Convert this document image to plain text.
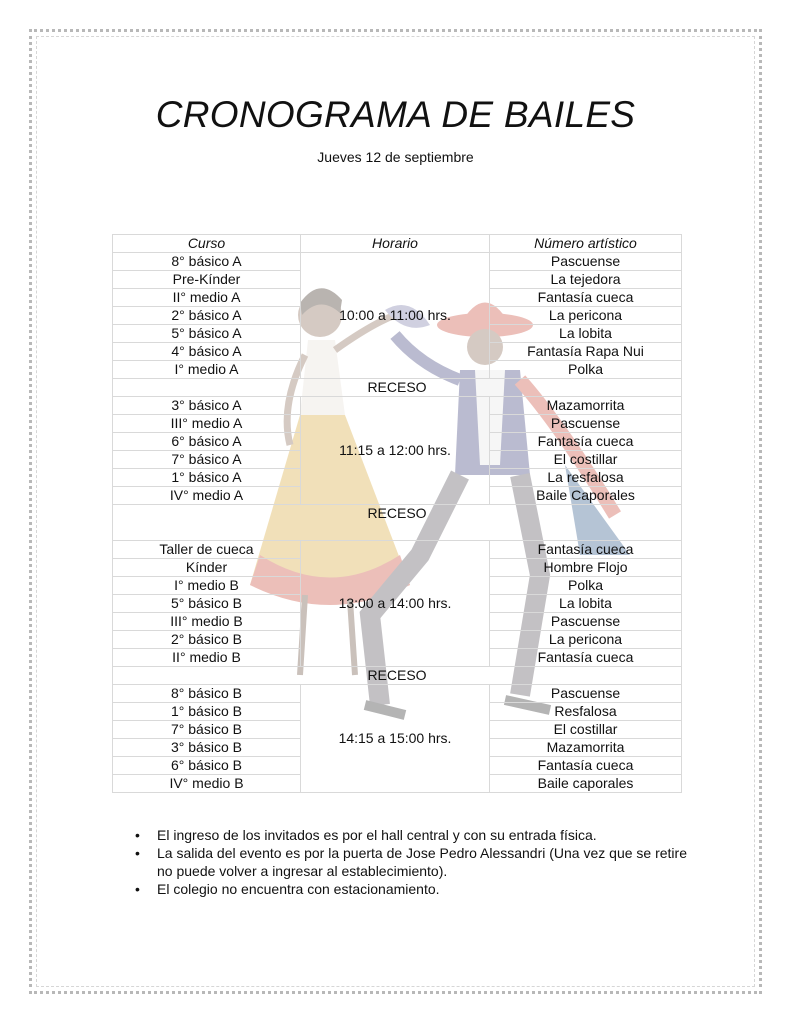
CRONOGRAMA DE BAILES
Jueves 12 de septiembre
Curso	Horario	Número artístico
8° básico A	10:00 a 11:00 hrs.	Pascuense
Pre-Kínder		La tejedora
II° medio A		Fantasía cueca
2° básico A		La pericona
5° básico A		La lobita
4° básico A		Fantasía Rapa Nui
I° medio A		Polka
RECESO		
3° básico A	11:15 a 12:00 hrs.	Mazamorrita
III° medio A		Pascuense
6° básico A		Fantasía cueca
7° básico A		El costillar
1° básico A		La resfalosa
IV° medio A		Baile Caporales
RECESO		
Taller de cueca	13:00 a 14:00 hrs.	Fantasía cueca
Kínder		Hombre Flojo
I° medio B		Polka
5° básico B		La lobita
III° medio B		Pascuense
2° básico B		La pericona
II° medio B		Fantasía cueca
RECESO		
8° básico B	14:15 a 15:00 hrs.	Pascuense
1° básico B		Resfalosa
7° básico B		El costillar
3° básico B		Mazamorrita
6° básico B		Fantasía cueca
IV° medio B		Baile caporales
• El ingreso de los invitados es por el hall central y con su entrada física.
• La salida del evento es por la puerta de Jose Pedro Alessandri (Una vez que se retire no puede volver a ingresar al establecimiento).
• El colegio no encuentra con estacionamiento.
